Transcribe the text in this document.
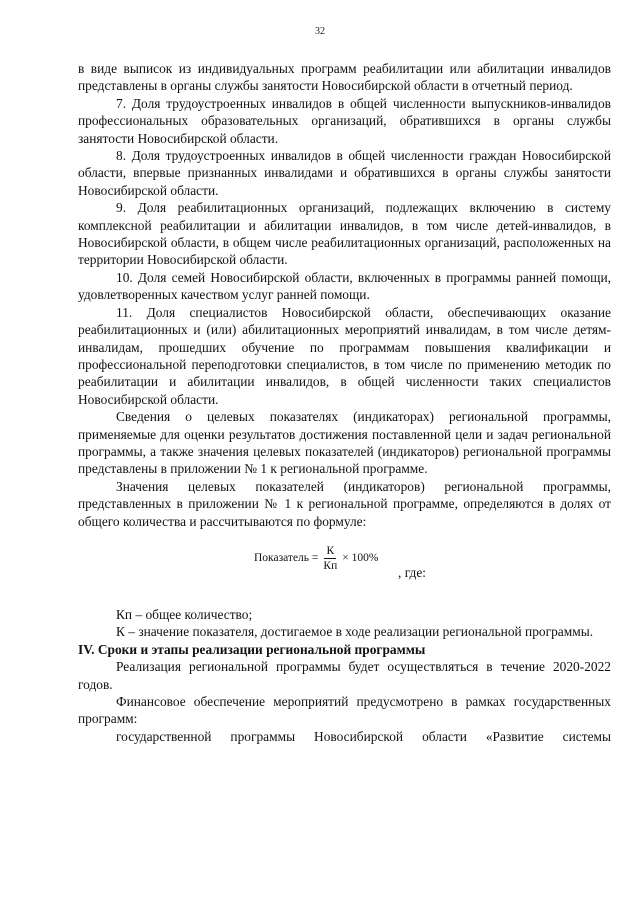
32

в виде выписок из индивидуальных программ реабилитации или абилитации инвалидов представлены в органы службы занятости Новосибирской области в отчетный период.

7. Доля трудоустроенных инвалидов в общей численности выпускников-инвалидов профессиональных образовательных организаций, обратившихся в органы службы занятости Новосибирской области.

8. Доля трудоустроенных инвалидов в общей численности граждан Новосибирской области, впервые признанных инвалидами и обратившихся в органы службы занятости Новосибирской области.

9. Доля реабилитационных организаций, подлежащих включению в систему комплексной реабилитации и абилитации инвалидов, в том числе детей-инвалидов, в Новосибирской области, в общем числе реабилитационных организаций, расположенных на территории Новосибирской области.

10. Доля семей Новосибирской области, включенных в программы ранней помощи, удовлетворенных качеством услуг ранней помощи.

11. Доля специалистов Новосибирской области, обеспечивающих оказание реабилитационных и (или) абилитационных мероприятий инвалидам, в том числе детям-инвалидам, прошедших обучение по программам повышения квалификации и профессиональной переподготовки специалистов, в том числе по применению методик по реабилитации и абилитации инвалидов, в общей численности таких специалистов Новосибирской области.

Сведения о целевых показателях (индикаторах) региональной программы, применяемые для оценки результатов достижения поставленной цели и задач региональной программы, а также значения целевых показателей (индикаторов) региональной программы представлены в приложении № 1 к региональной программе.

Значения целевых показателей (индикаторов) региональной программы, представленных в приложении № 1 к региональной программе, определяются в долях от общего количества и рассчитываются по формуле:

Показатель = $\frac{К}{Кп} \times 100\%$
, где:

Кп – общее количество;

К – значение показателя, достигаемое в ходе реализации региональной программы.

IV. Сроки и этапы реализации региональной программы

Реализация региональной программы будет осуществляться в течение 2020-2022 годов.

Финансовое обеспечение мероприятий предусмотрено в рамках государственных программ:

государственной программы Новосибирской области «Развитие системы
